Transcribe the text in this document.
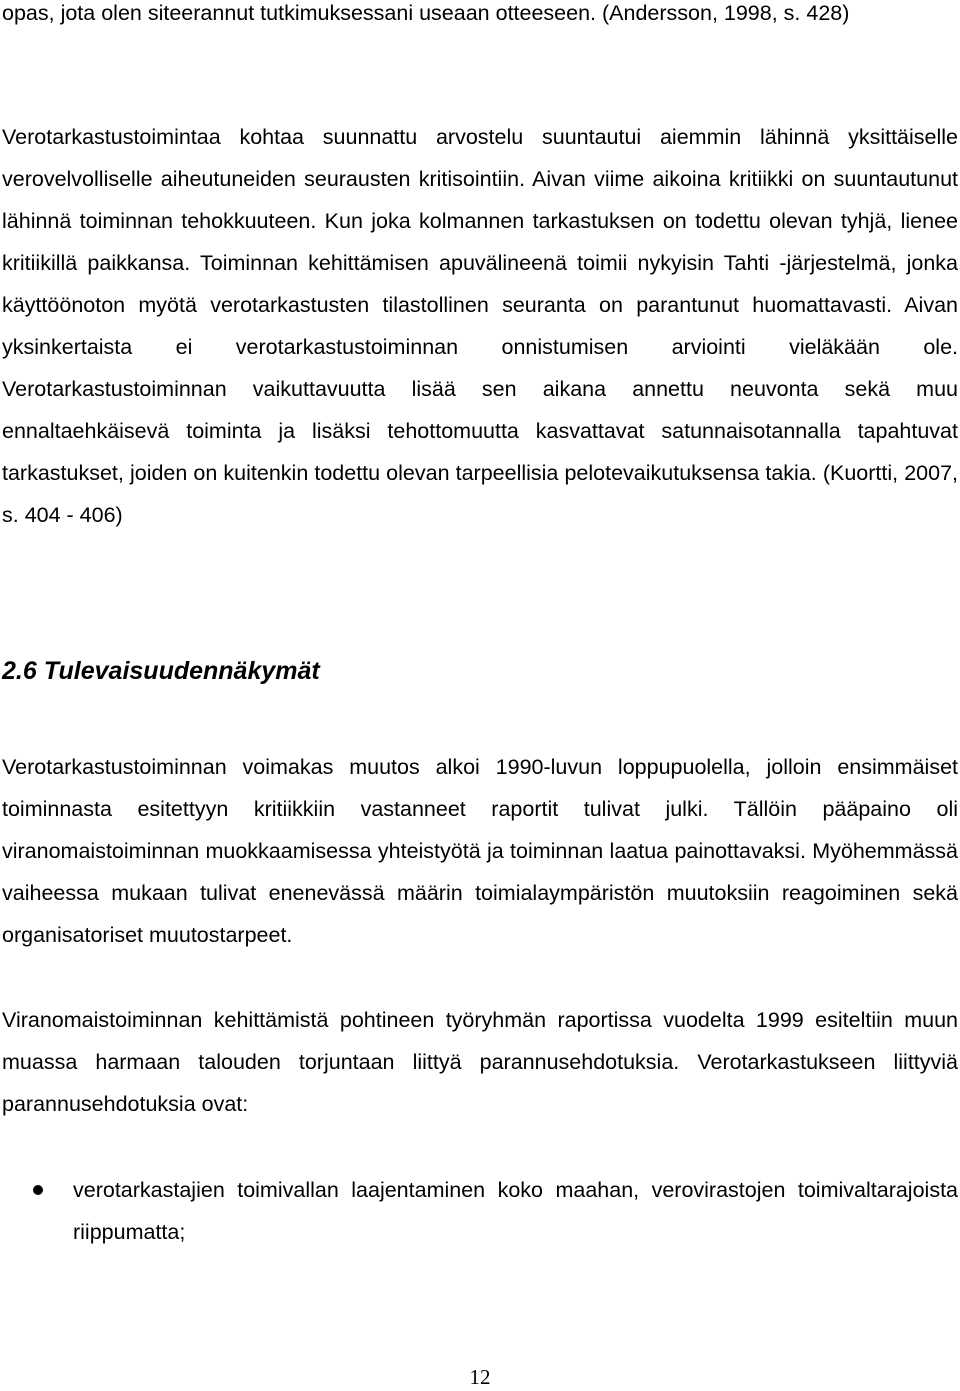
opas, jota olen siteerannut tutkimuksessani useaan otteeseen. (Andersson, 1998, s. 428)

Verotarkastustoimintaa kohtaa suunnattu arvostelu suuntautui aiemmin lähinnä yksittäiselle verovelvolliselle aiheutuneiden seurausten kritisointiin. Aivan viime aikoina kritiikki on suuntautunut lähinnä toiminnan tehokkuuteen. Kun joka kolmannen tarkastuksen on todettu olevan tyhjä, lienee kritiikillä paikkansa. Toiminnan kehittämisen apuvälineenä toimii nykyisin Tahti -järjestelmä, jonka käyttöönoton myötä verotarkastusten tilastollinen seuranta on parantunut huomattavasti. Aivan yksinkertaista ei verotarkastustoiminnan onnistumisen arviointi vieläkään ole. Verotarkastustoiminnan vaikuttavuutta lisää sen aikana annettu neuvonta sekä muu ennaltaehkäisevä toiminta ja lisäksi tehottomuutta kasvattavat satunnaisotannalla tapahtuvat tarkastukset, joiden on kuitenkin todettu olevan tarpeellisia pelotevaikutuksensa takia. (Kuortti, 2007, s. 404 - 406)

2.6 Tulevaisuudennäkymät

Verotarkastustoiminnan voimakas muutos alkoi 1990-luvun loppupuolella, jolloin ensimmäiset toiminnasta esitettyyn kritiikkiin vastanneet raportit tulivat julki. Tällöin pääpaino oli viranomaistoiminnan muokkaamisessa yhteistyötä ja toiminnan laatua painottavaksi. Myöhemmässä vaiheessa mukaan tulivat enenevässä määrin toimialaympäristön muutoksiin reagoiminen sekä organisatoriset muutostarpeet.

Viranomaistoiminnan kehittämistä pohtineen työryhmän raportissa vuodelta 1999 esiteltiin muun muassa harmaan talouden torjuntaan liittyä parannusehdotuksia. Verotarkastukseen liittyviä parannusehdotuksia ovat:

verotarkastajien toimivallan laajentaminen koko maahan, verovirastojen toimivaltarajoista riippumatta;
12
